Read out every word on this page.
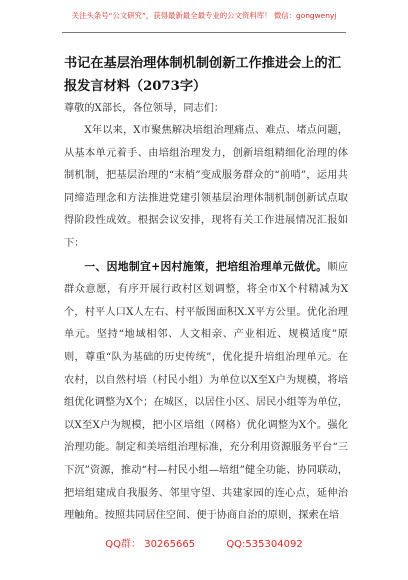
关注头条号“公文研究”，获得最新最全最专业的公文资料库！ 微信：gongwenyj
书记在基层治理体制机制创新工作推进会上的汇报发言材料（2073字）

尊敬的X部长，各位领导，同志们：

X年以来，X市聚焦解决培组治理痛点、难点、堵点问题，从基本单元着手、由培组治理发力，创新培组精细化治理的体制机制，把基层治理的“末梢”变成服务群众的“前哨”，运用共同缔造理念和方法推进党建引领基层治理体制机制创新试点取得阶段性成效。根据会议安排，现将有关工作进展情况汇报如下：

一、因地制宜+因村施策，把培组治理单元做优。顺应群众意愿，有序开展行政村区划调整，将全市X个村精减为X个，村平人口X人左右、村平版图面积X.X平方公里。优化治理单元。坚持“地域相邻、人文相亲、产业相近、规模适度”原则，尊重“队为基础的历史传统”，优化提升培组治理单元。在农村，以自然村培（村民小组）为单位以X至X户为规模，将培组优化调整为X个；在城区，以居住小区、居民小组等为单位，以X至X户为规模，把小区培组（网格）优化调整为X个。强化治理功能。制定和美培组治理标准，充分利用资源服务平台“三下沉”资源，推动“村—村民小组—培组”健全功能、协同联动，把培组建成自我服务、邻里守望、共建家园的连心点，延伸治理触角。按照共同居住空间、便于协商自治的原则，探索在培

QQ群： 30265665	QQ:535304092
